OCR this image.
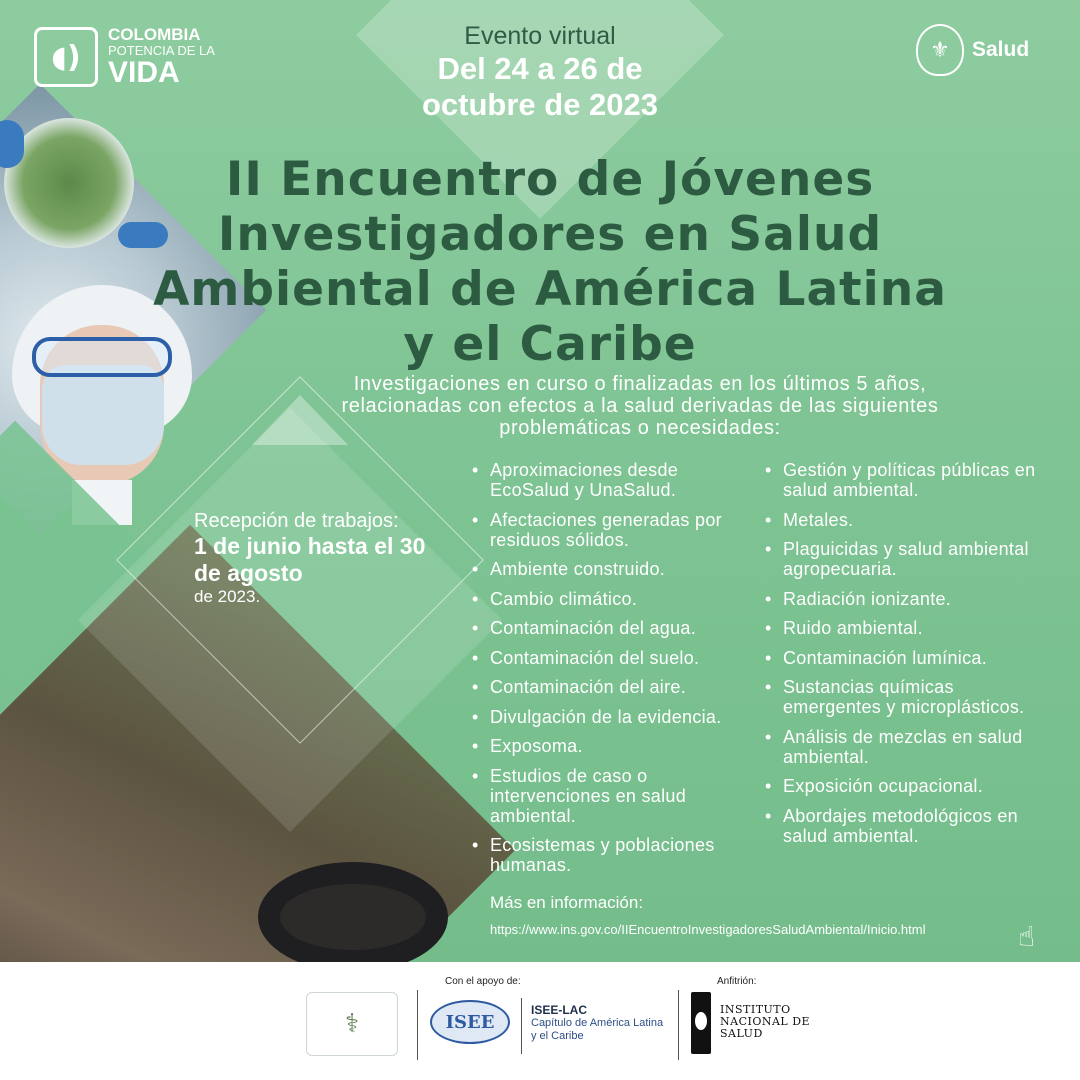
◖)
COLOMBIA
POTENCIA DE LA
VIDA
⚜	Salud
Evento virtual
Del 24 a 26 de octubre de 2023
II Encuentro de Jóvenes Investigadores en Salud Ambiental de América Latina y el Caribe
Investigaciones en curso o finalizadas en los últimos 5 años, relacionadas con efectos a la salud derivadas de las siguientes problemáticas o necesidades:
Recepción de trabajos:
1 de junio hasta el 30 de agosto
de 2023.
• Aproximaciones desde EcoSalud y UnaSalud.
• Afectaciones generadas por residuos sólidos.
• Ambiente construido.
• Cambio climático.
• Contaminación del agua.
• Contaminación del suelo.
• Contaminación del aire.
• Divulgación de la evidencia.
• Exposoma.
• Estudios de caso o intervenciones en salud ambiental.
• Ecosistemas y poblaciones humanas.
• Gestión y políticas públicas en salud ambiental.
• Metales.
• Plaguicidas y salud ambiental agropecuaria.
• Radiación ionizante.
• Ruido ambiental.
• Contaminación lumínica.
• Sustancias químicas emergentes y microplásticos.
• Análisis de mezclas en salud ambiental.
• Exposición ocupacional.
• Abordajes metodológicos en salud ambiental.
Más en información:
https://www.ins.gov.co/IIEncuentroInvestigadoresSaludAmbiental/Inicio.html	☝
Con el apoyo de:	Anfitrión:
⚕	ISEE
ISEE-LAC
Capítulo de América Latina
y el Caribe
INSTITUTO
NACIONAL DE
SALUD
